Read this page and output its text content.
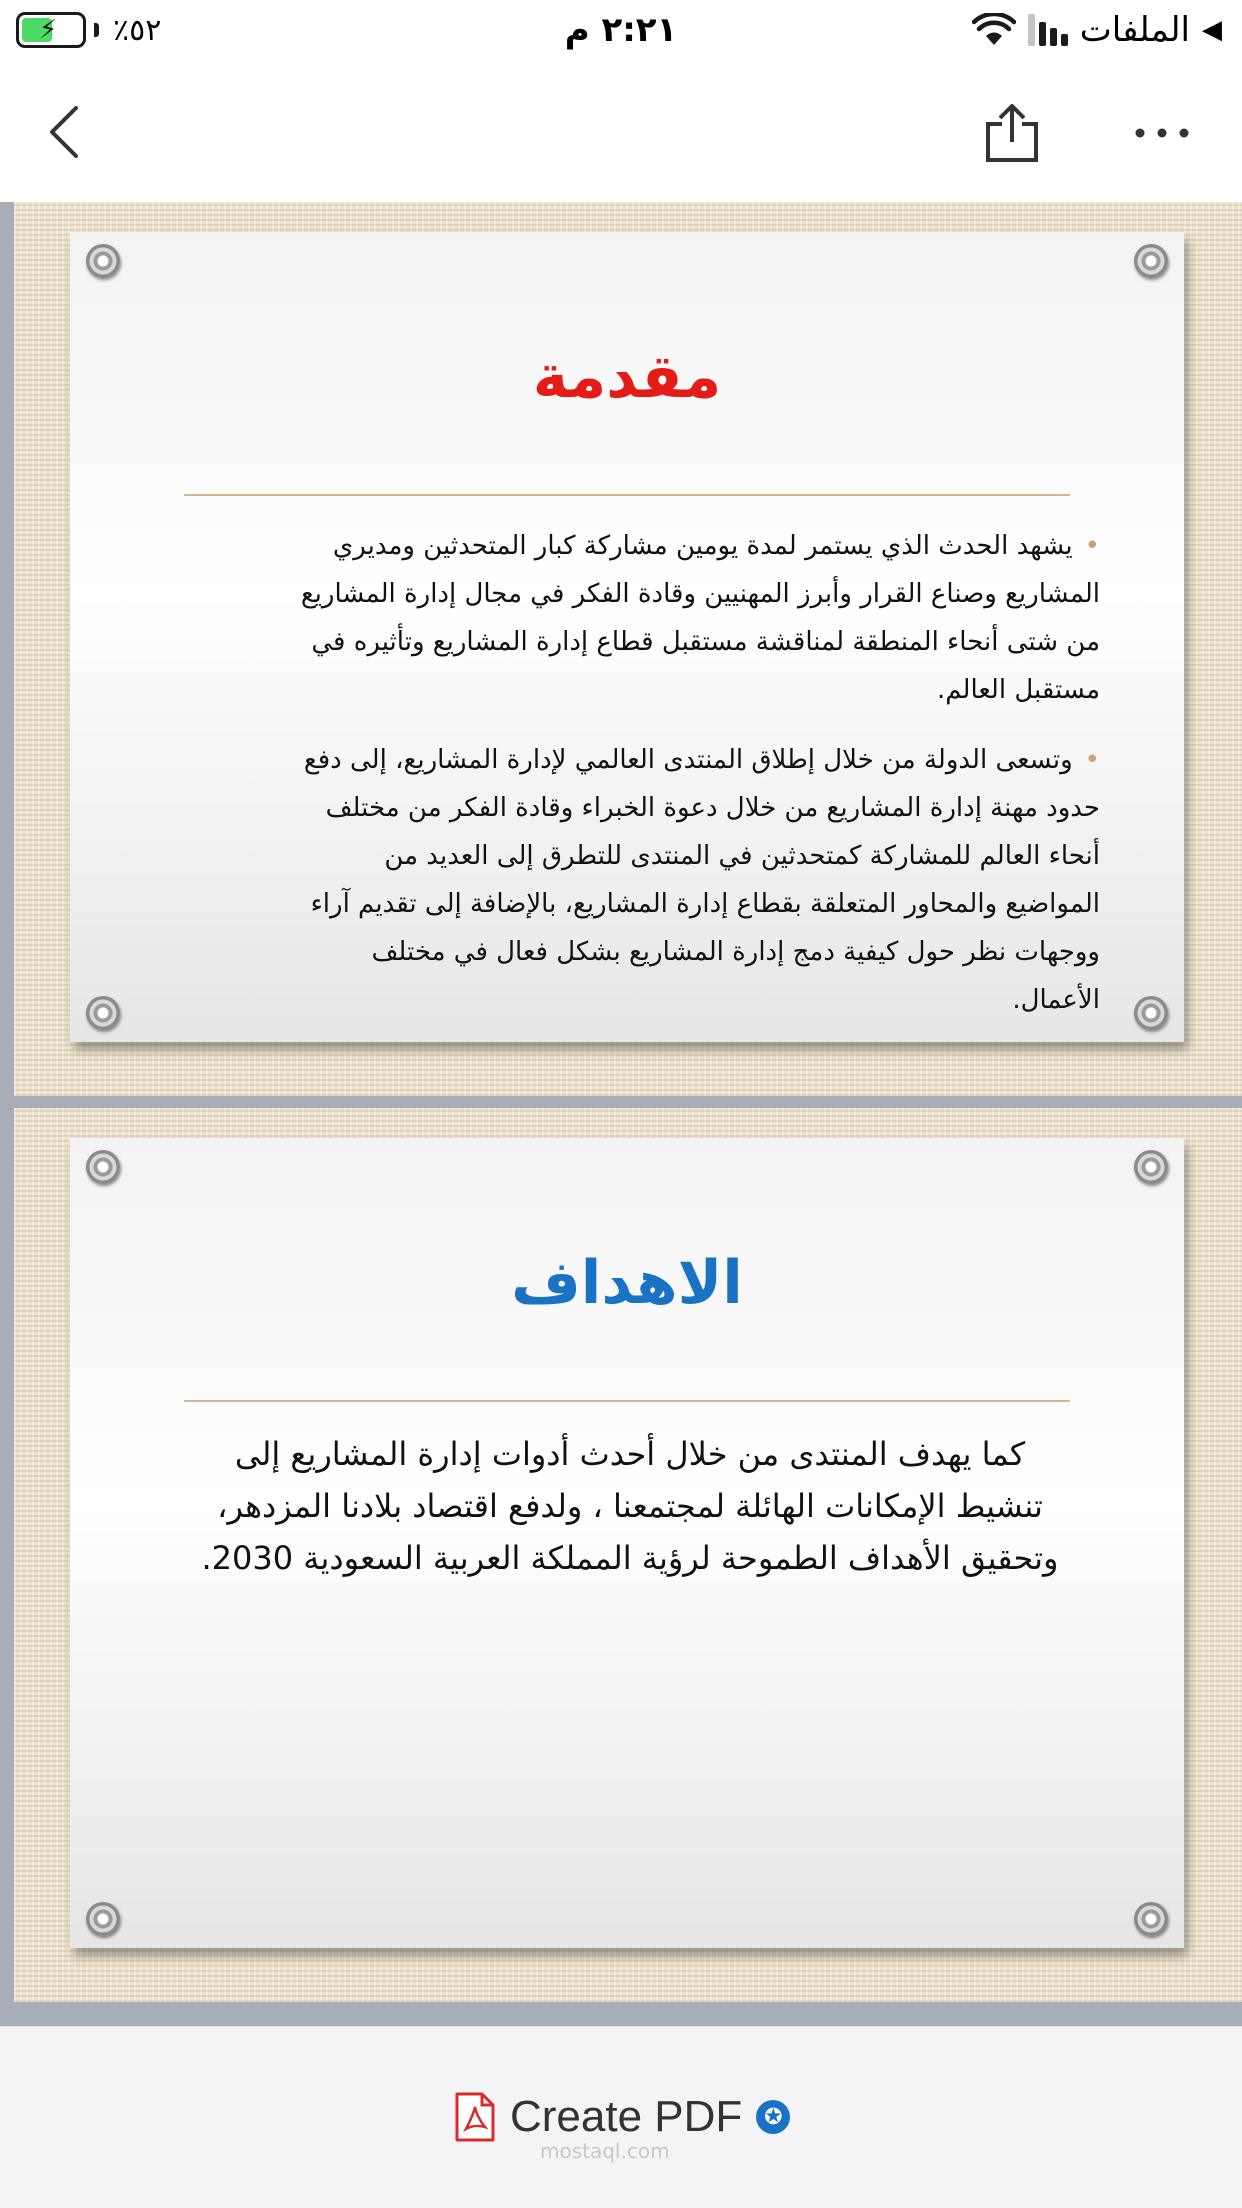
⚡ ٪٥٢	٢:٢١ م	الملفات ◀
مقدمة
•يشهد الحدث الذي يستمر لمدة يومين مشاركة كبار المتحدثين ومديري
المشاريع وصناع القرار وأبرز المهنيين وقادة الفكر في مجال إدارة المشاريع
من شتى أنحاء المنطقة لمناقشة مستقبل قطاع إدارة المشاريع وتأثيره في
مستقبل العالم.
•وتسعى الدولة من خلال إطلاق المنتدى العالمي لإدارة المشاريع، إلى دفع
حدود مهنة إدارة المشاريع من خلال دعوة الخبراء وقادة الفكر من مختلف
أنحاء العالم للمشاركة كمتحدثين في المنتدى للتطرق إلى العديد من
المواضيع والمحاور المتعلقة بقطاع إدارة المشاريع، بالإضافة إلى تقديم آراء
ووجهات نظر حول كيفية دمج إدارة المشاريع بشكل فعال في مختلف
الأعمال.
الاهداف
كما يهدف المنتدى من خلال أحدث أدوات إدارة المشاريع إلى
تنشيط الإمكانات الهائلة لمجتمعنا ، ولدفع اقتصاد بلادنا المزدهر،
وتحقيق الأهداف الطموحة لرؤية المملكة العربية السعودية 2030.
Create PDF ✪
mostaql.com
